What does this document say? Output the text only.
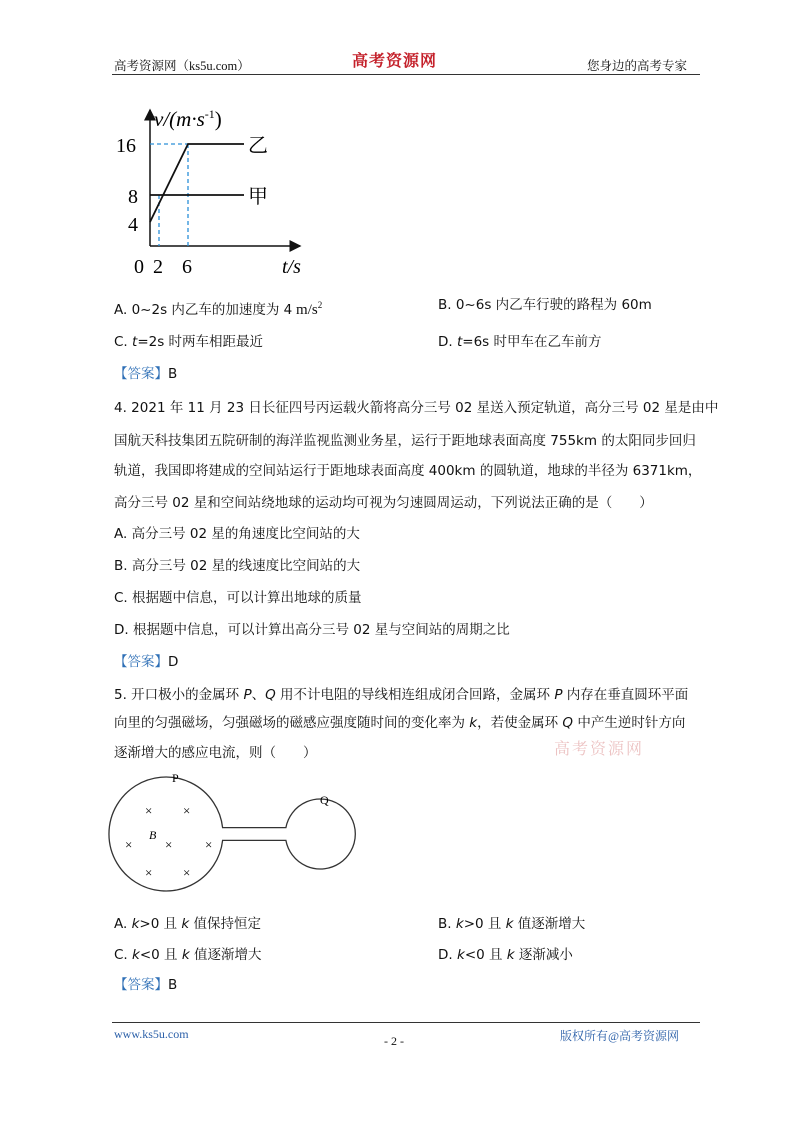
高考资源网（ks5u.com）	高考资源网	您身边的高考专家
$v/(m\cdot s^{-1})$
16
8
4
0 2 6	t/s
乙
甲
A. 0~2s 内乙车的加速度为 4 $m/s^2$	B. 0~6s 内乙车行驶的路程为 60m
C. t=2s 时两车相距最近	D. t=6s 时甲车在乙车前方
【答案】B
4. 2021 年 11 月 23 日长征四号丙运载火箭将高分三号 02 星送入预定轨道，高分三号 02 星是由中
国航天科技集团五院研制的海洋监视监测业务星，运行于距地球表面高度 755km 的太阳同步回归
轨道，我国即将建成的空间站运行于距地球表面高度 400km 的圆轨道，地球的半径为 6371km，
高分三号 02 星和空间站绕地球的运动均可视为匀速圆周运动，下列说法正确的是（　　）
A. 高分三号 02 星的角速度比空间站的大
B. 高分三号 02 星的线速度比空间站的大
C. 根据题中信息，可以计算出地球的质量
D. 根据题中信息，可以计算出高分三号 02 星与空间站的周期之比
【答案】D
5. 开口极小的金属环 P、Q 用不计电阻的导线相连组成闭合回路，金属环 P 内存在垂直圆环平面
向里的匀强磁场，匀强磁场的磁感应强度随时间的变化率为 k，若使金属环 Q 中产生逆时针方向
逐渐增大的感应电流，则（　　）	高考资源网
P
Q
B
× ×
×	×	×
× ×
A. k>0 且 k 值保持恒定	B. k>0 且 k 值逐渐增大
C. k<0 且 k 值逐渐增大	D. k<0 且 k 逐渐减小
【答案】B
www.ks5u.com	- 2 -	版权所有@高考资源网
